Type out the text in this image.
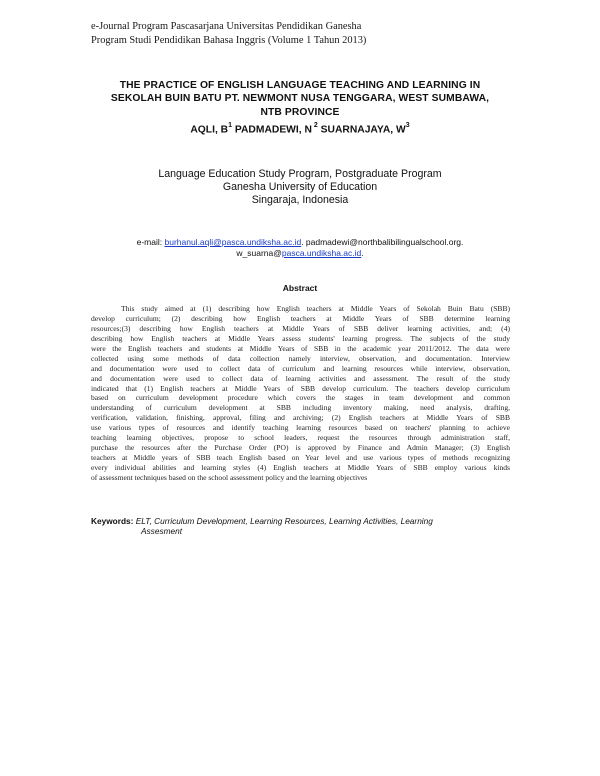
e-Journal Program Pascasarjana Universitas Pendidikan Ganesha
Program Studi Pendidikan Bahasa Inggris (Volume 1 Tahun 2013)
THE PRACTICE OF ENGLISH LANGUAGE TEACHING AND LEARNING IN
SEKOLAH BUIN BATU PT. NEWMONT NUSA TENGGARA, WEST SUMBAWA,
NTB PROVINCE
AQLI, $B^1$ PADMADEWI, N $^2$ SUARNAJAYA, $W^3$
Language Education Study Program, Postgraduate Program
Ganesha University of Education
Singaraja, Indonesia
e-mail: burhanul.aqli@pasca.undiksha.ac.id. padmadewi@northbalibilingualschool.org.
w_suarna@pasca.undiksha.ac.id.
Abstract
This study aimed at (1) describing how English teachers at Middle Years of Sekolah Buin Batu (SBB)
develop curriculum; (2) describing how English teachers at Middle Years of SBB determine learning
resources;(3) describing how English teachers at Middle Years of SBB deliver learning activities, and; (4)
describing how English teachers at Middle Years assess students' learning progress. The subjects of the study
were the English teachers and students at Middle Years of SBB in the academic year 2011/2012. The data were
collected using some methods of data collection namely interview, observation, and documentation. Interview
and documentation were used to collect data of curriculum and learning resources while interview, observation,
and documentation were used to collect data of learning activities and assessment. The result of the study
indicated that (1) English teachers at Middle Years of SBB develop curriculum. The teachers develop curriculum
based on curriculum development procedure which covers the stages in team development and common
understanding of curriculum development at SBB including inventory making, need analysis, drafting,
verification, validation, finishing, approval, filing and archiving; (2) English teachers at Middle Years of SBB
use various types of resources and identify teaching learning resources based on teachers' planning to achieve
teaching learning objectives, propose to school leaders, request the resources through administration staff,
purchase the resources after the Purchase Order (PO) is approved by Finance and Admin Manager; (3) English
teachers at Middle years of SBB teach English based on Year level and use various types of methods recognizing
every individual abilities and learning styles (4) English teachers at Middle Years of SBB employ various kinds
of assessment techniques based on the school assessment policy and the learning objectives
Keywords: ELT, Curriculum Development, Learning Resources, Learning Activities, Learning
Assesment
